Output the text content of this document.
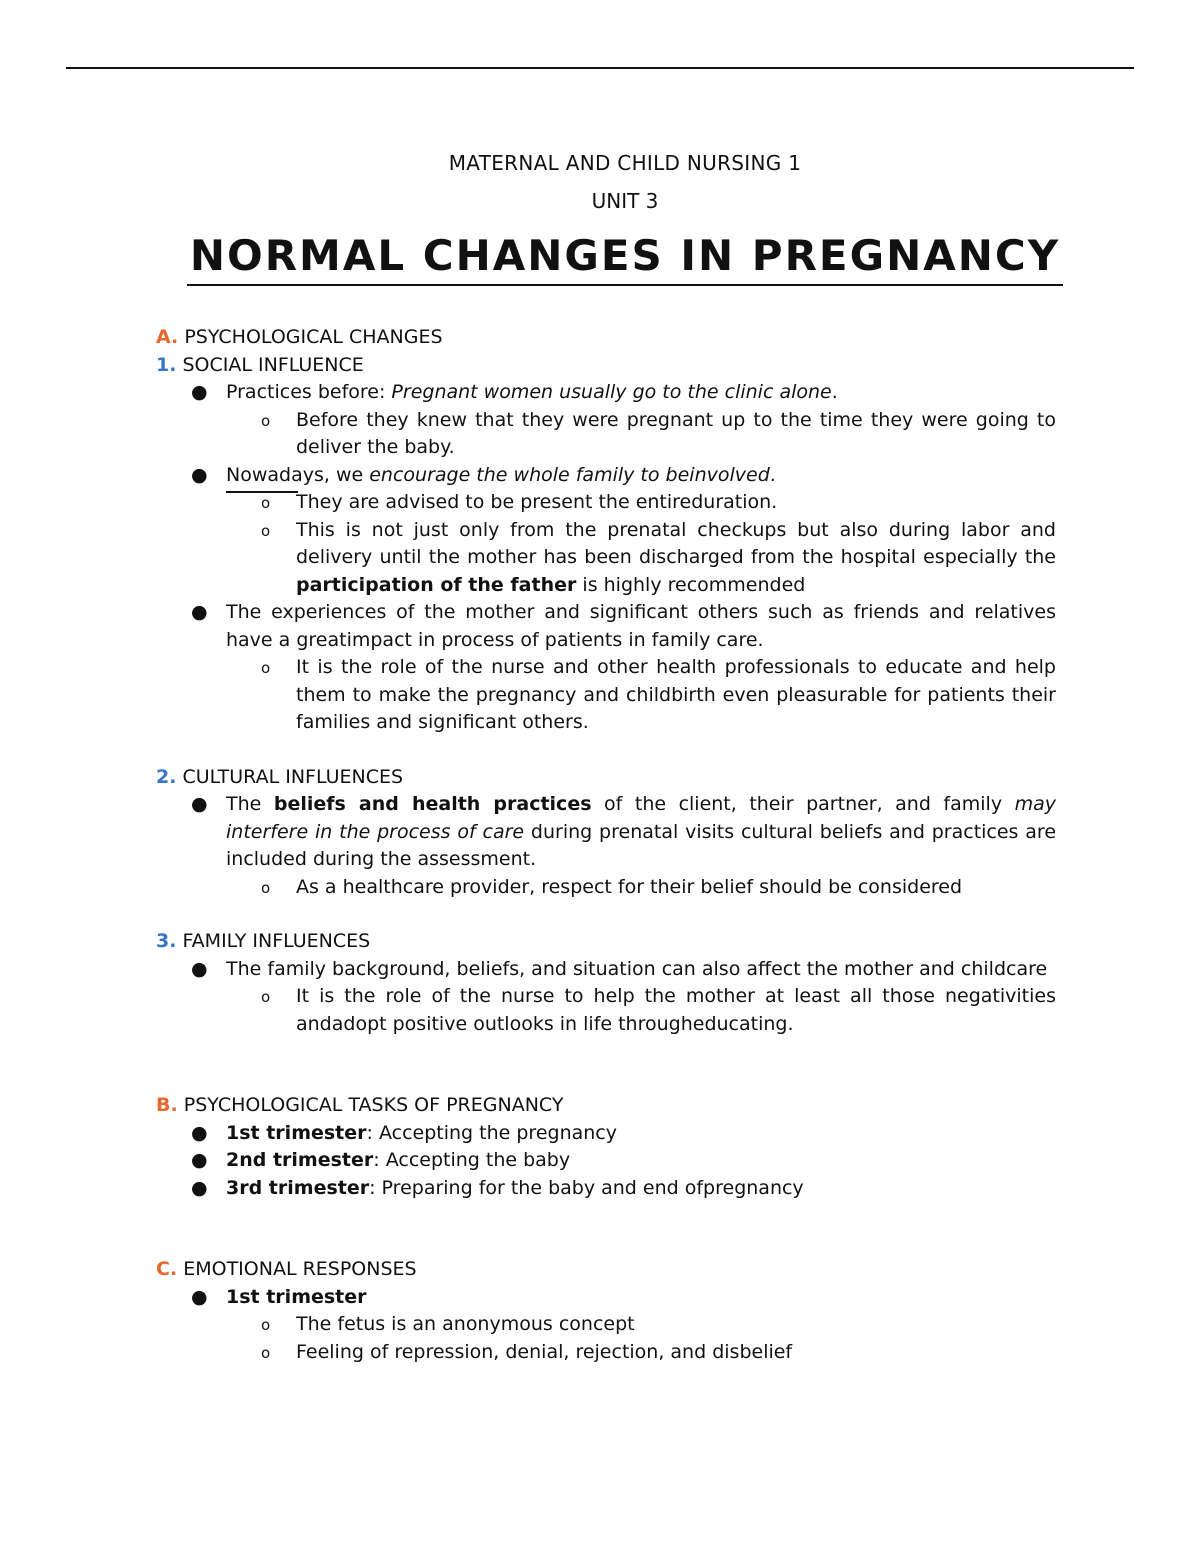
MATERNAL AND CHILD NURSING 1
UNIT 3
NORMAL CHANGES IN PREGNANCY
A. PSYCHOLOGICAL CHANGES
1. SOCIAL INFLUENCE
● Practices before: Pregnant women usually go to the clinic alone.
o Before they knew that they were pregnant up to the time they were going to deliver the baby.
● Nowadays, we encourage the whole family to beinvolved.
o They are advised to be present the entireduration.
o This is not just only from the prenatal checkups but also during labor and delivery until the mother has been discharged from the hospital especially the participation of the father is highly recommended
● The experiences of the mother and significant others such as friends and relatives have a greatimpact in process of patients in family care.
o It is the role of the nurse and other health professionals to educate and help them to make the pregnancy and childbirth even pleasurable for patients their families and significant others.
2. CULTURAL INFLUENCES
● The beliefs and health practices of the client, their partner, and family may interfere in the process of care during prenatal visits cultural beliefs and practices are included during the assessment.
o As a healthcare provider, respect for their belief should be considered
3. FAMILY INFLUENCES
● The family background, beliefs, and situation can also affect the mother and childcare
o It is the role of the nurse to help the mother at least all those negativities andadopt positive outlooks in life througheducating.
B. PSYCHOLOGICAL TASKS OF PREGNANCY
● 1st trimester: Accepting the pregnancy
● 2nd trimester: Accepting the baby
● 3rd trimester: Preparing for the baby and end ofpregnancy
C. EMOTIONAL RESPONSES
● 1st trimester
o The fetus is an anonymous concept
o Feeling of repression, denial, rejection, and disbelief
